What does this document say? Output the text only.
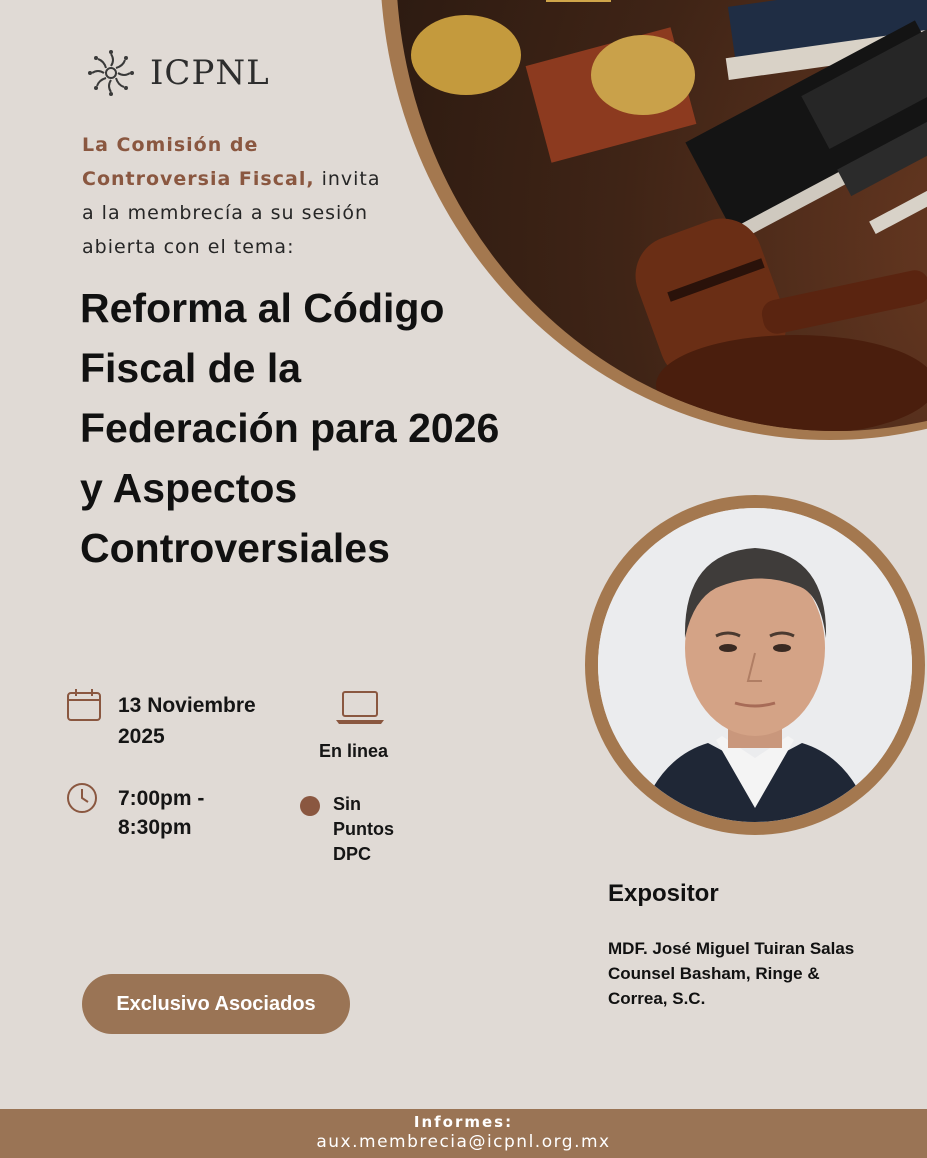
ICPNL
La Comisión de
Controversia Fiscal, invita
a la membrecía a su sesión
abierta con el tema:
Reforma al Código Fiscal de la Federación para 2026 y Aspectos Controversiales
13 Noviembre 2025
7:00pm - 8:30pm
En linea
Sin Puntos DPC
Exclusivo Asociados
Expositor
MDF. José Miguel Tuiran Salas
Counsel Basham, Ringe & Correa, S.C.
Informes:
aux.membrecia@icpnl.org.mx
